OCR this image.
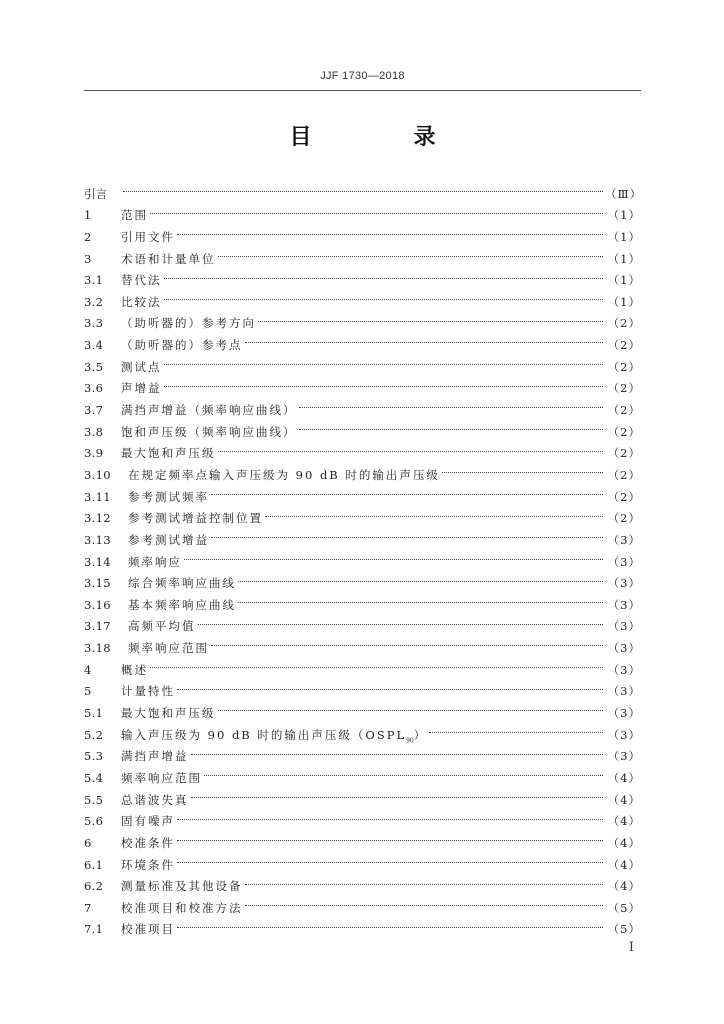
JJF 1730—2018
目　录
引言	（Ⅲ）
1	范围	（1）
2	引用文件	（1）
3	术语和计量单位	（1）
3.1	替代法	（1）
3.2	比较法	（1）
3.3	（助听器的）参考方向	（2）
3.4	（助听器的）参考点	（2）
3.5	测试点	（2）
3.6	声增益	（2）
3.7	满挡声增益（频率响应曲线）	（2）
3.8	饱和声压级（频率响应曲线）	（2）
3.9	最大饱和声压级	（2）
3.10	在规定频率点输入声压级为 90 dB 时的输出声压级	（2）
3.11	参考测试频率	（2）
3.12	参考测试增益控制位置	（2）
3.13	参考测试增益	（3）
3.14	频率响应	（3）
3.15	综合频率响应曲线	（3）
3.16	基本频率响应曲线	（3）
3.17	高频平均值	（3）
3.18	频率响应范围	（3）
4	概述	（3）
5	计量特性	（3）
5.1	最大饱和声压级	（3）
5.2	输入声压级为 90 dB 时的输出声压级$(OSPL_{90})$	（3）
5.3	满挡声增益	（3）
5.4	频率响应范围	（4）
5.5	总谐波失真	（4）
5.6	固有噪声	（4）
6	校准条件	（4）
6.1	环境条件	（4）
6.2	测量标准及其他设备	（4）
7	校准项目和校准方法	（5）
7.1	校准项目	（5）
Ⅰ
